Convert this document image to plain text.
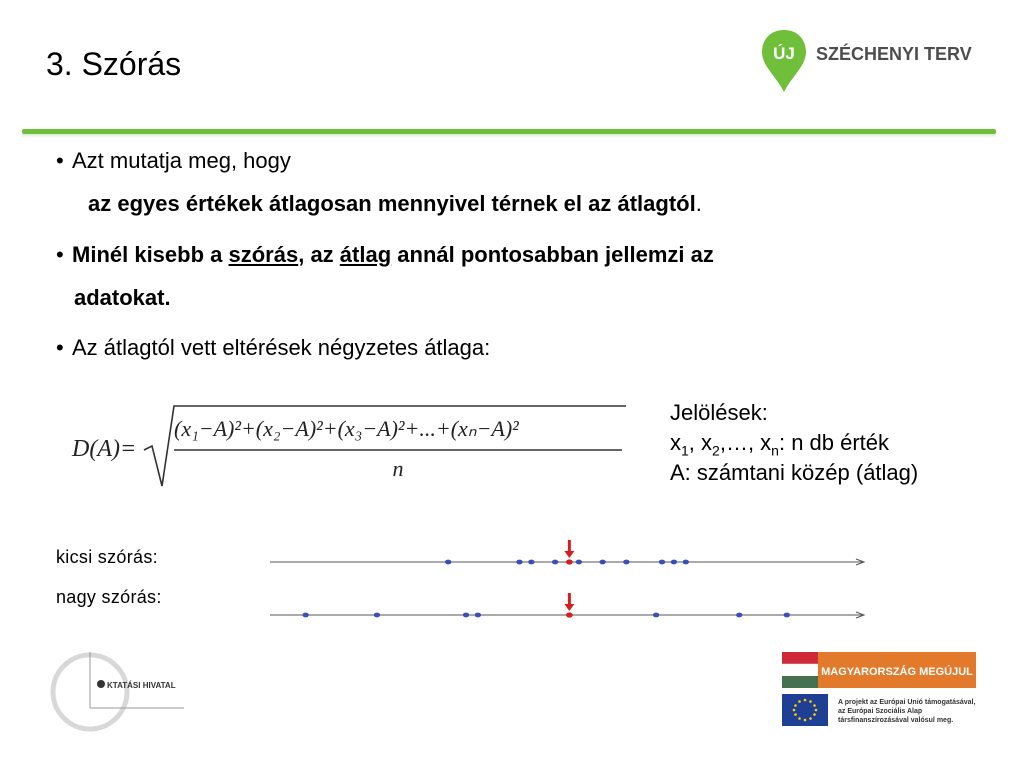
3. Szórás	ÚJ SZÉCHENYI TERV
• Azt mutatja meg, hogy
az egyes értékek átlagosan mennyivel térnek el az átlagtól.
• Minél kisebb a szórás, az átlag annál pontosabban jellemzi az
adatokat.
• Az átlagtól vett eltérések négyzetes átlaga:
D(A)=
(x₁−A)²+(x₂−A)²+(x₃−A)²+...+(xₙ−A)²
n
Jelölések:
$x_1$, $x_2,\dots$, $x_n$: n db érték
A: számtani közép (átlag)
kicsi szórás:
nagy szórás:
KTATÁSI HIVATAL
MAGYARORSZÁG MEGÚJUL
A projekt az Európai Unió támogatásával,
az Európai Szociális Alap
társfinanszírozásával valósul meg.
